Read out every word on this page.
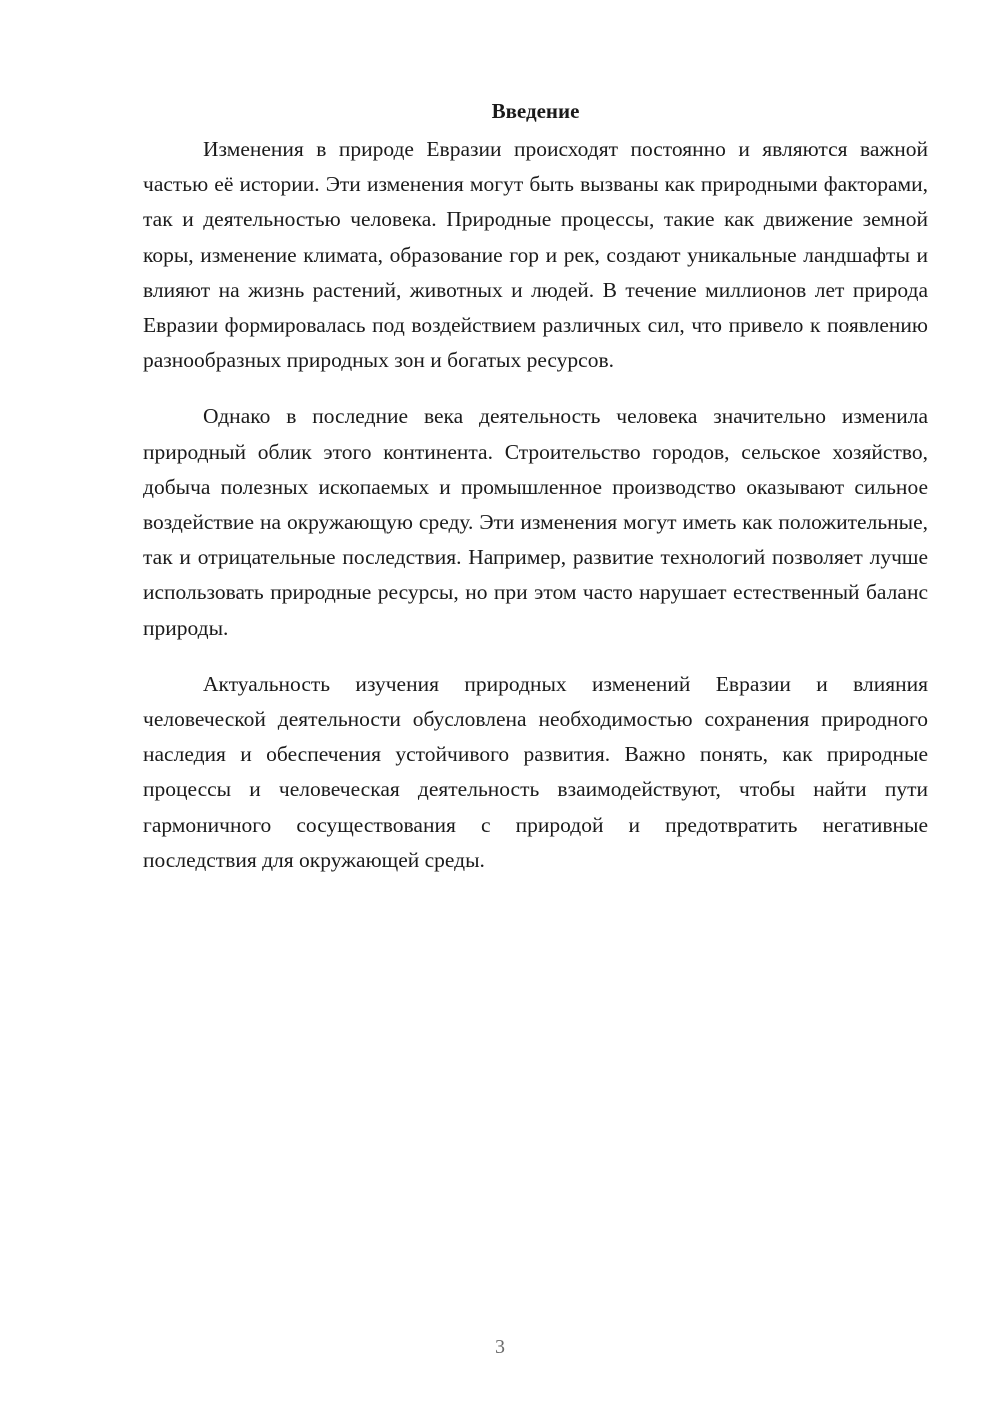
Введение

Изменения в природе Евразии происходят постоянно и являются важной частью её истории. Эти изменения могут быть вызваны как природными факторами, так и деятельностью человека. Природные процессы, такие как движение земной коры, изменение климата, образование гор и рек, создают уникальные ландшафты и влияют на жизнь растений, животных и людей. В течение миллионов лет природа Евразии формировалась под воздействием различных сил, что привело к появлению разнообразных природных зон и богатых ресурсов.

Однако в последние века деятельность человека значительно изменила природный облик этого континента. Строительство городов, сельское хозяйство, добыча полезных ископаемых и промышленное производство оказывают сильное воздействие на окружающую среду. Эти изменения могут иметь как положительные, так и отрицательные последствия. Например, развитие технологий позволяет лучше использовать природные ресурсы, но при этом часто нарушает естественный баланс природы.

Актуальность изучения природных изменений Евразии и влияния человеческой деятельности обусловлена необходимостью сохранения природного наследия и обеспечения устойчивого развития. Важно понять, как природные процессы и человеческая деятельность взаимодействуют, чтобы найти пути гармоничного сосуществования с природой и предотвратить негативные последствия для окружающей среды.

3
